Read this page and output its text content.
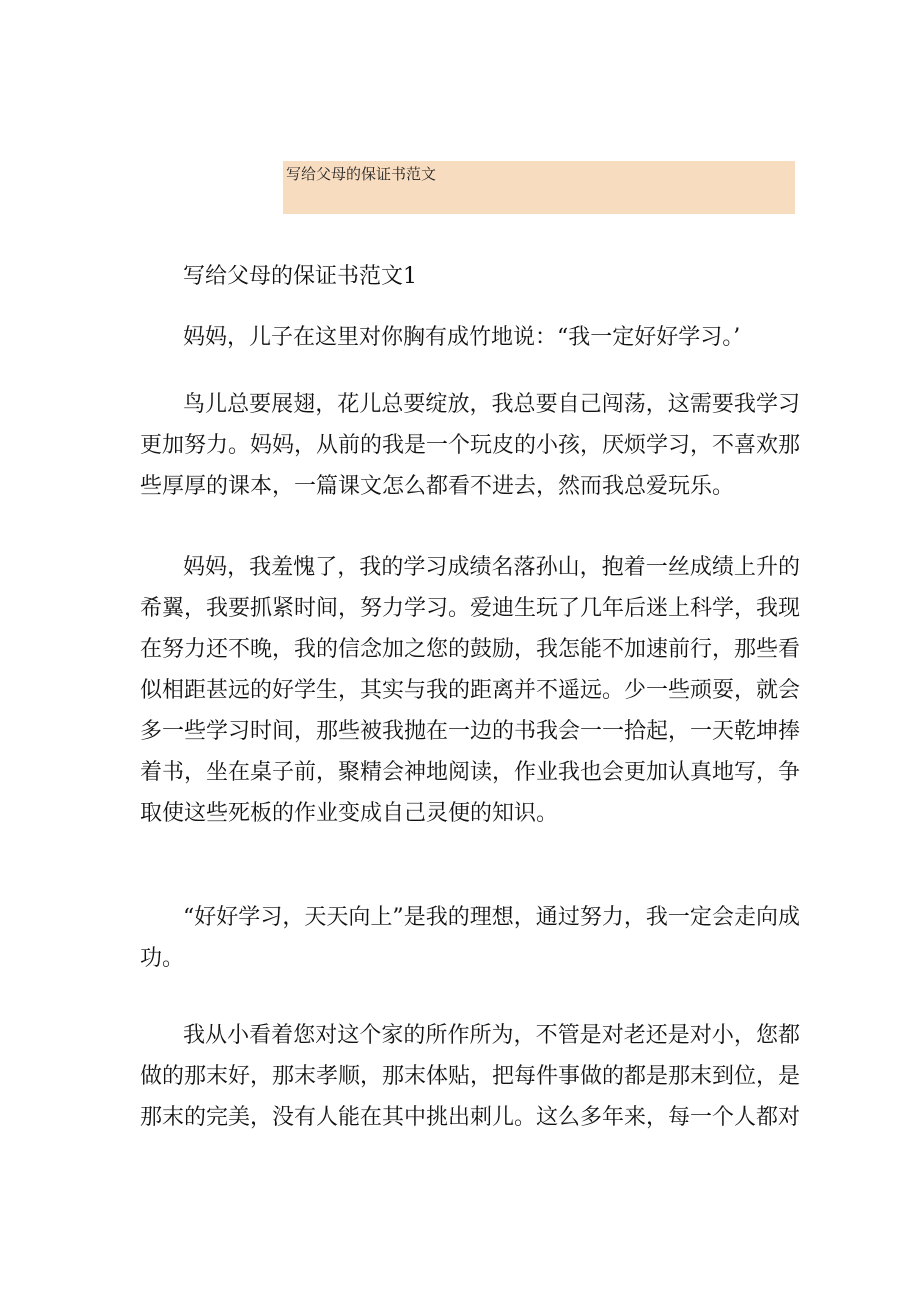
写给父母的保证书范文
写给父母的保证书范文1

妈妈，儿子在这里对你胸有成竹地说：“我一定好好学习。’

鸟儿总要展翅，花儿总要绽放，我总要自己闯荡，这需要我学习更加努力。妈妈，从前的我是一个玩皮的小孩，厌烦学习，不喜欢那些厚厚的课本，一篇课文怎么都看不进去，然而我总爱玩乐。

妈妈，我羞愧了，我的学习成绩名落孙山，抱着一丝成绩上升的希翼，我要抓紧时间，努力学习。爱迪生玩了几年后迷上科学，我现在努力还不晚，我的信念加之您的鼓励，我怎能不加速前行，那些看似相距甚远的好学生，其实与我的距离并不遥远。少一些顽耍，就会多一些学习时间，那些被我抛在一边的书我会一一拾起，一天乾坤捧着书，坐在桌子前，聚精会神地阅读，作业我也会更加认真地写，争取使这些死板的作业变成自己灵便的知识。

“好好学习，天天向上”是我的理想，通过努力，我一定会走向成功。

我从小看着您对这个家的所作所为，不管是对老还是对小，您都做的那末好，那末孝顺，那末体贴，把每件事做的都是那末到位，是那末的完美，没有人能在其中挑出刺儿。这么多年来，每一个人都对
